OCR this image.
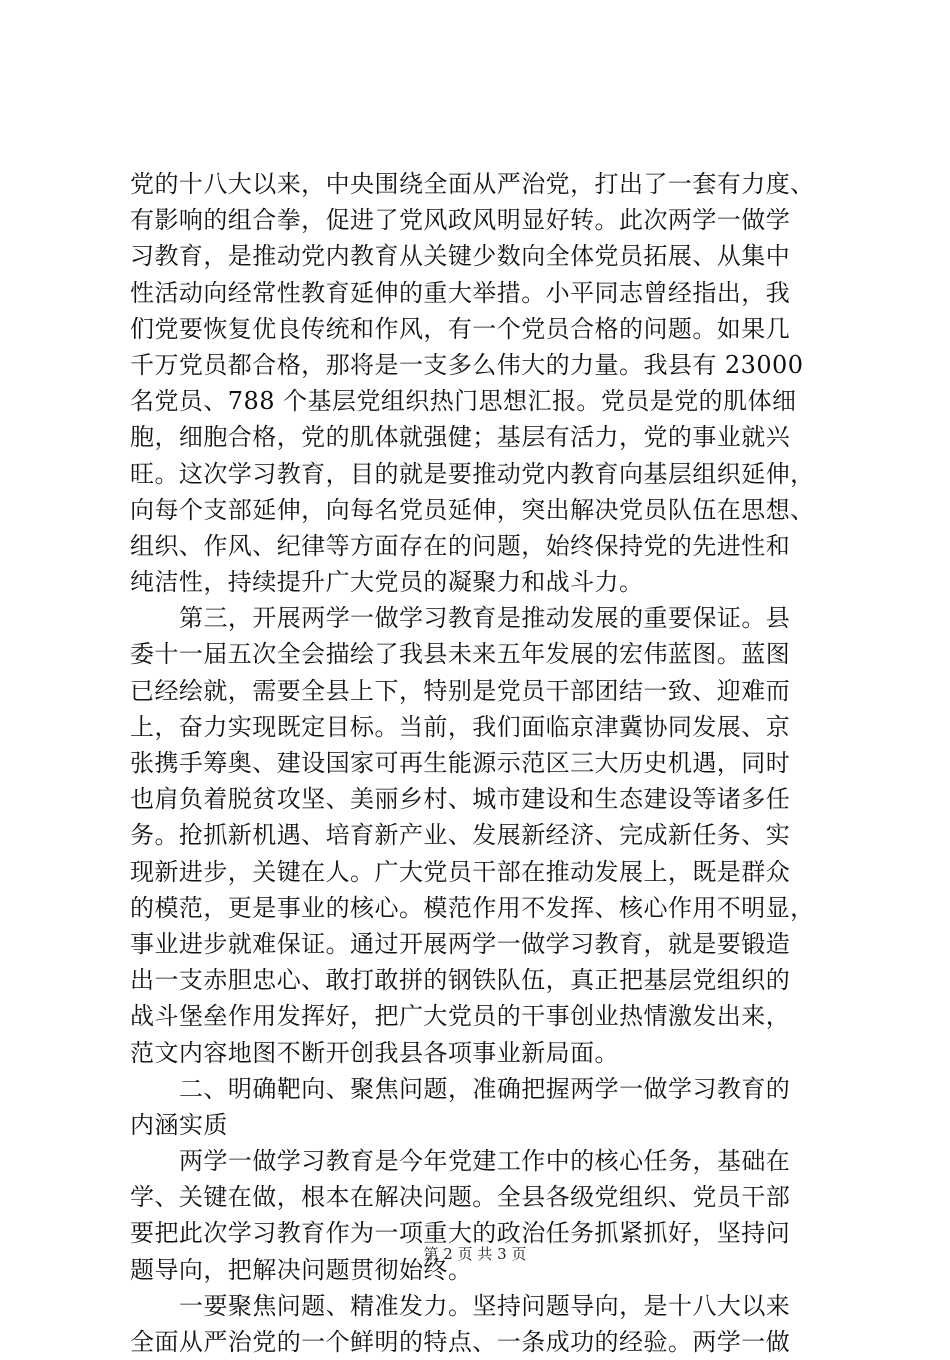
党的十八大以来，中央围绕全面从严治党，打出了一套有力度、
有影响的组合拳，促进了党风政风明显好转。此次两学一做学
习教育，是推动党内教育从关键少数向全体党员拓展、从集中
性活动向经常性教育延伸的重大举措。小平同志曾经指出，我
们党要恢复优良传统和作风，有一个党员合格的问题。如果几
千万党员都合格，那将是一支多么伟大的力量。我县有 23000
名党员、788 个基层党组织热门思想汇报。党员是党的肌体细
胞，细胞合格，党的肌体就强健；基层有活力，党的事业就兴
旺。这次学习教育，目的就是要推动党内教育向基层组织延伸，
向每个支部延伸，向每名党员延伸，突出解决党员队伍在思想、
组织、作风、纪律等方面存在的问题，始终保持党的先进性和
纯洁性，持续提升广大党员的凝聚力和战斗力。
第三，开展两学一做学习教育是推动发展的重要保证。县
委十一届五次全会描绘了我县未来五年发展的宏伟蓝图。蓝图
已经绘就，需要全县上下，特别是党员干部团结一致、迎难而
上，奋力实现既定目标。当前，我们面临京津冀协同发展、京
张携手筹奥、建设国家可再生能源示范区三大历史机遇，同时
也肩负着脱贫攻坚、美丽乡村、城市建设和生态建设等诸多任
务。抢抓新机遇、培育新产业、发展新经济、完成新任务、实
现新进步，关键在人。广大党员干部在推动发展上，既是群众
的模范，更是事业的核心。模范作用不发挥、核心作用不明显，
事业进步就难保证。通过开展两学一做学习教育，就是要锻造
出一支赤胆忠心、敢打敢拼的钢铁队伍，真正把基层党组织的
战斗堡垒作用发挥好，把广大党员的干事创业热情激发出来，
范文内容地图不断开创我县各项事业新局面。
二、明确靶向、聚焦问题，准确把握两学一做学习教育的
内涵实质
两学一做学习教育是今年党建工作中的核心任务，基础在
学、关键在做，根本在解决问题。全县各级党组织、党员干部
要把此次学习教育作为一项重大的政治任务抓紧抓好，坚持问
题导向，把解决问题贯彻始终。
一要聚焦问题、精准发力。坚持问题导向，是十八大以来
全面从严治党的一个鲜明的特点、一条成功的经验。两学一做
第 2 页 共 3 页
